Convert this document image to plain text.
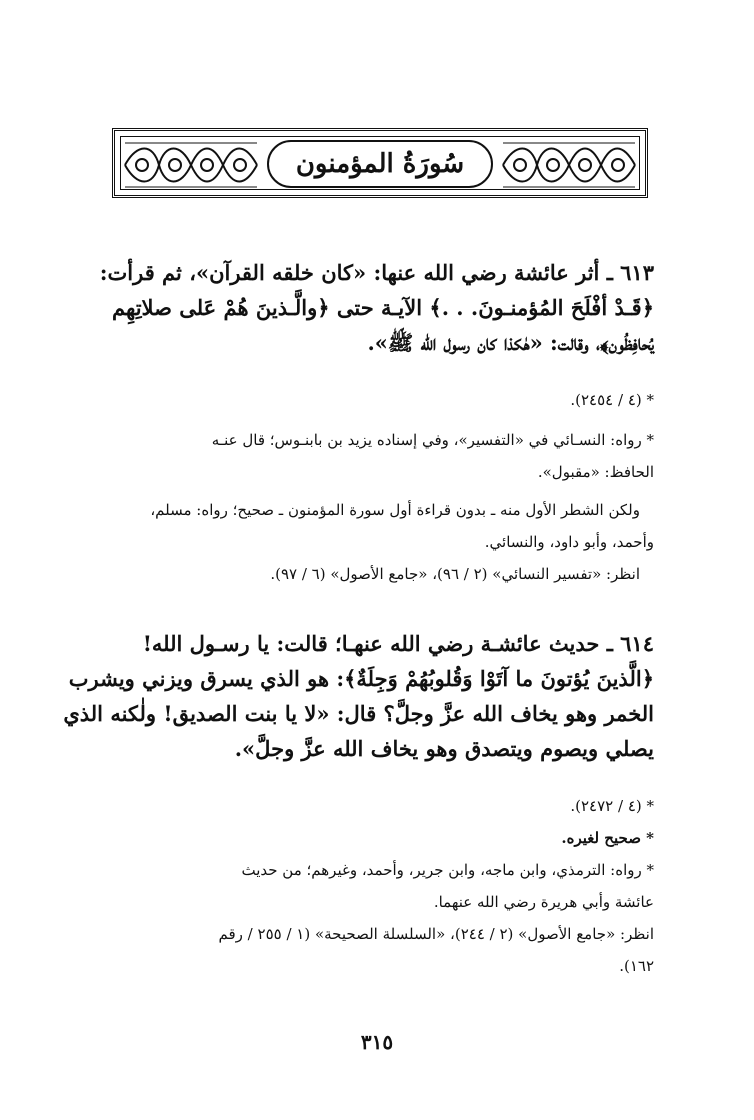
سُورَةُ المؤمنون
٦١٣ ـ أثر عائشة رضي الله عنها: «كان خلقه القرآن»، ثم قرأت:
﴿قَـدْ أفْلَحَ المُؤمنـونَ. . .﴾ الآيـة حتى ﴿والَّـذينَ هُمْ عَلى صلاتِهِم
يُحافِظُون﴾، وقالت: «هٰكذا كان رسول الله ﷺ».
* (٤ / ٢٤٥٤).
* رواه: النسـائي في «التفسير»، وفي إسناده يزيد بن بابنـوس؛ قال عنـه
الحافظ: «مقبول».
ولكن الشطر الأول منه ـ بدون قراءة أول سورة المؤمنون ـ صحيح؛ رواه: مسلم،
وأحمد، وأبو داود، والنسائي.
انظر: «تفسير النسائي» (٢ / ٩٦)، «جامع الأصول» (٦ / ٩٧).
٦١٤ ـ حديث عائشـة رضي الله عنهـا؛ قالت: يا رسـول الله!
﴿الَّذينَ يُؤتونَ ما آتَوْا وَقُلوبُهُمْ وَجِلَةٌ﴾: هو الذي يسرق ويزني ويشرب
الخمر وهو يخاف الله عزَّ وجلَّ؟ قال: «لا يا بنت الصديق! ولٰكنه الذي
يصلي ويصوم ويتصدق وهو يخاف الله عزَّ وجلَّ».
* (٤ / ٢٤٧٢).
* صحيح لغيره.
* رواه: الترمذي، وابن ماجه، وابن جرير، وأحمد، وغيرهم؛ من حديث
عائشة وأبي هريرة رضي الله عنهما.
انظر: «جامع الأصول» (٢ / ٢٤٤)، «السلسلة الصحيحة» (١ / ٢٥٥ / رقم
١٦٢).
٣١٥
